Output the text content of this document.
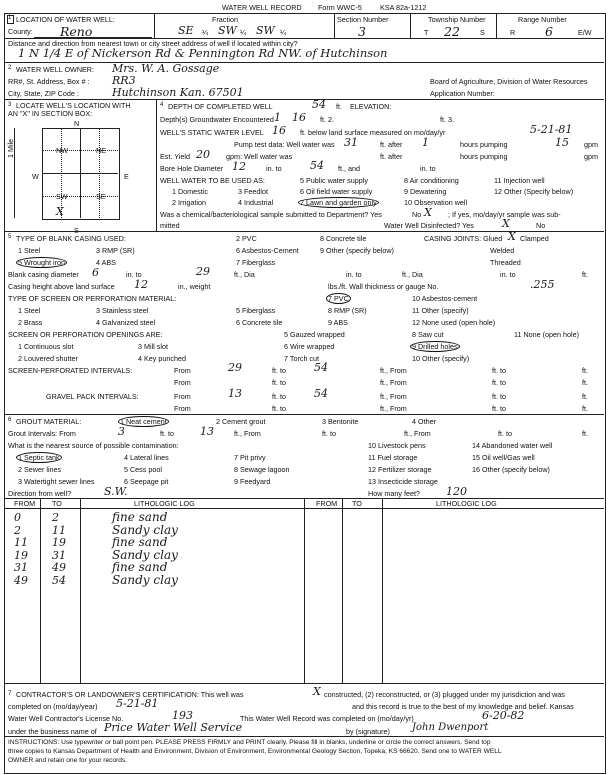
WATER WELL RECORD Form WWC-5	KSA 82a-1212
1 LOCATION OF WATER WELL:
County: Reno
Fraction
SE ¼ SW ¼ SW ¼
Section Number
3
Township Number
T 22	S
Range Number
R 6	E/W
Distance and direction from nearest town or city street address of well if located within city?
1 N 1/4 E of Nickerson Rd & Pennington Rd NW. of Hutchinson
2 WATER WELL OWNER: Mrs. W. A. Gossage
RR#, St. Address, Box # : RR3	Board of Agriculture, Division of Water Resources
City, State, ZIP Code :	Hutchinson Kan. 67501	Application Number:
3 LOCATE WELL'S LOCATION WITH
AN "X" IN SECTION BOX:
N
S
W	E
1 Mile	NW	NE
SW	SE
X
4 DEPTH OF COMPLETED WELL	54 ft. ELEVATION:
Depth(s) Groundwater Encountered 1 16 ft. 2.	ft. 3.
WELL'S STATIC WATER LEVEL 16 ft. below land surface measured on mo/day/yr	5-21-81
Pump test data: Well water was 31	ft. after 1	hours pumping	15 gpm
Est. Yield 20 gpm: Well water was	ft. after	hours pumping	gpm
Bore Hole Diameter 12	in. to	54 ft., and	in. to
WELL WATER TO BE USED AS:	5 Public water supply	8 Air conditioning	11 Injection well
1 Domestic	3 Feedlot	6 Oil field water supply	9 Dewatering	12 Other (Specify below)
2 Irrigation	4 Industrial	7 Lawn and garden only	10 Observation well
Was a chemical/bacteriological sample submitted to Department? Yes	X
No	; If yes, mo/day/yr sample was sub-
mitted	Water Well Disinfected? Yes	X	No
5 TYPE OF BLANK CASING USED:	2 PVC	8 Concrete tile	CASING JOINTS: Glued X Clamped
1 Steel	3 RMP (SR)	6 Asbestos-Cement	9 Other (specify below)	Welded
5 Wrought iron	4 ABS	7 Fiberglass	Threaded
Blank casing diameter 6	in. to	29	ft., Dia	in. to	ft., Dia	in. to	ft.
Casing height above land surface 12	in., weight	lbs./ft. Wall thickness or gauge No.	.255
TYPE OF SCREEN OR PERFORATION MATERIAL:	7 PVC	10 Asbestos-cement
1 Steel	3 Stainless steel	5 Fiberglass	8 RMP (SR)	11 Other (specify)
2 Brass	4 Galvanized steel	6 Concrete tile	9 ABS	12 None used (open hole)
SCREEN OR PERFORATION OPENINGS ARE:	5 Gauzed wrapped	8 Saw cut	11 None (open hole)
1 Continuous slot	3 Mill slot	6 Wire wrapped	9 Drilled holes
2 Louvered shutter	4 Key punched	7 Torch cut	10 Other (specify)
SCREEN-PERFORATED INTERVALS:	From	29	ft. to	54	ft., From	ft. to	ft.
From	ft. to	ft., From	ft. to	ft.
GRAVEL PACK INTERVALS:	From	13	ft. to	54	ft., From	ft. to	ft.
From	ft. to	ft., From	ft. to	ft.
6 GROUT MATERIAL:	1 Neat cement	2 Cement grout	3 Bentonite	4 Other
Grout Intervals: From	3	ft. to 13	ft., From	ft. to	ft., From	ft. to	ft.
What is the nearest source of possible contamination:	10 Livestock pens	14 Abandoned water well
1 Septic tank	4 Lateral lines	7 Pit privy	11 Fuel storage	15 Oil well/Gas well
2 Sewer lines	5 Cess pool	8 Sewage lagoon	12 Fertilizer storage	16 Other (specify below)
3 Watertight sewer lines	6 Seepage pit	9 Feedyard	13 Insecticide storage
Direction from well?	S.W.	How many feet? 120
FROM TO	LITHOLOGIC LOG	FROM TO	LITHOLOGIC LOG
0	2	fine sand
2	11	Sandy clay
11 19	fine sand
19 31	Sandy clay
31 49	fine sand
49 54	Sandy clay
7 CONTRACTOR'S OR LANDOWNER'S CERTIFICATION: This well was	X constructed, (2) reconstructed, or (3) plugged under my jurisdiction and was
completed on (mo/day/year) 5-21-81	and this record is true to the best of my knowledge and belief. Kansas
Water Well Contractor's License No.	193	This Water Well Record was completed on (mo/day/yr)	6-20-82
under the business name of Price Water Well Service	by (signature) John Dwenport
INSTRUCTIONS: Use typewriter or ball point pen. PLEASE PRESS FIRMLY and PRINT clearly. Please fill in blanks, underline or circle the correct answers. Send top
three copies to Kansas Department of Health and Environment, Division of Environment, Environmental Geology Section, Topeka, KS 66620. Send one to WATER WELL
OWNER and retain one for your records.
